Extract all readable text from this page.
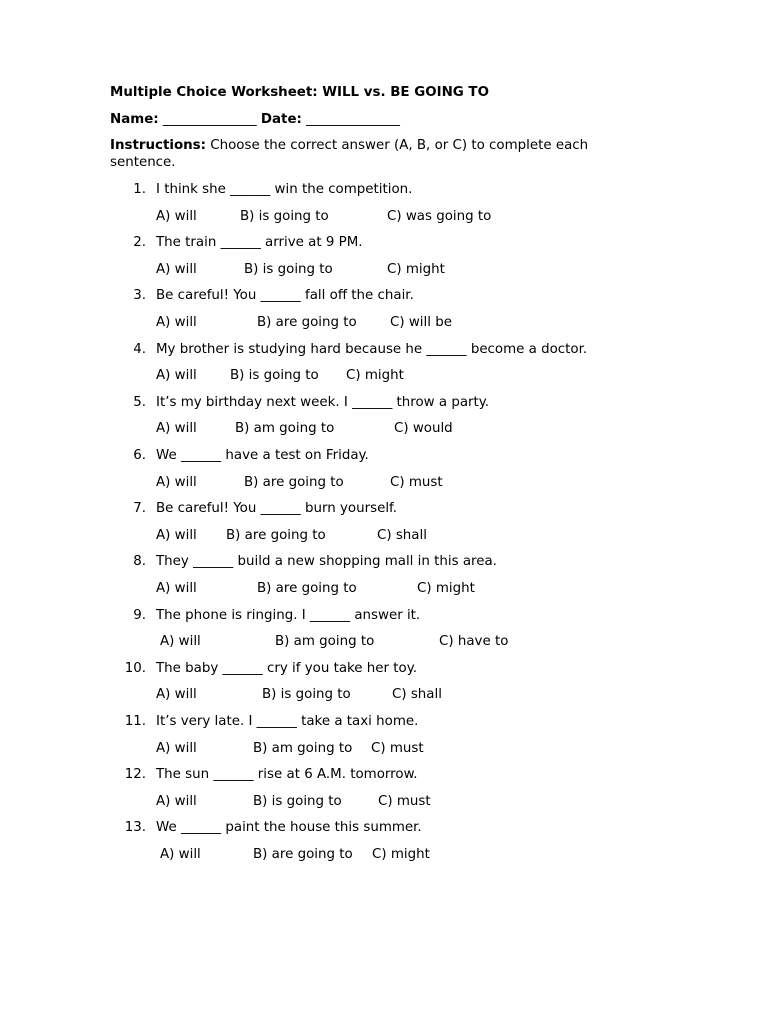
Multiple Choice Worksheet: WILL vs. BE GOING TO
Name: ______________ Date: ______________
Instructions: Choose the correct answer (A, B, or C) to complete each sentence.
1. I think she ______ win the competition.
A) will	B) is going to	C) was going to
2. The train ______ arrive at 9 PM.
A) will	B) is going to	C) might
3. Be careful! You ______ fall off the chair.
A) will	B) are going to C) will be
4. My brother is studying hard because he ______ become a doctor.
A) will B) is going to C) might
5. It’s my birthday next week. I ______ throw a party.
A) will	B) am going to	C) would
6. We ______ have a test on Friday.
A) will	B) are going to	C) must
7. Be careful! You ______ burn yourself.
A) will B) are going to	C) shall
8. They ______ build a new shopping mall in this area.
A) will	B) are going to	C) might
9. The phone is ringing. I ______ answer it.
A) will	B) am going to	C) have to
10. The baby ______ cry if you take her toy.
A) will	B) is going to	C) shall
11. It’s very late. I ______ take a taxi home.
A) will	B) am going to C) must
12. The sun ______ rise at 6 A.M. tomorrow.
A) will	B) is going to	C) must
13. We ______ paint the house this summer.
A) will	B) are going to C) might
